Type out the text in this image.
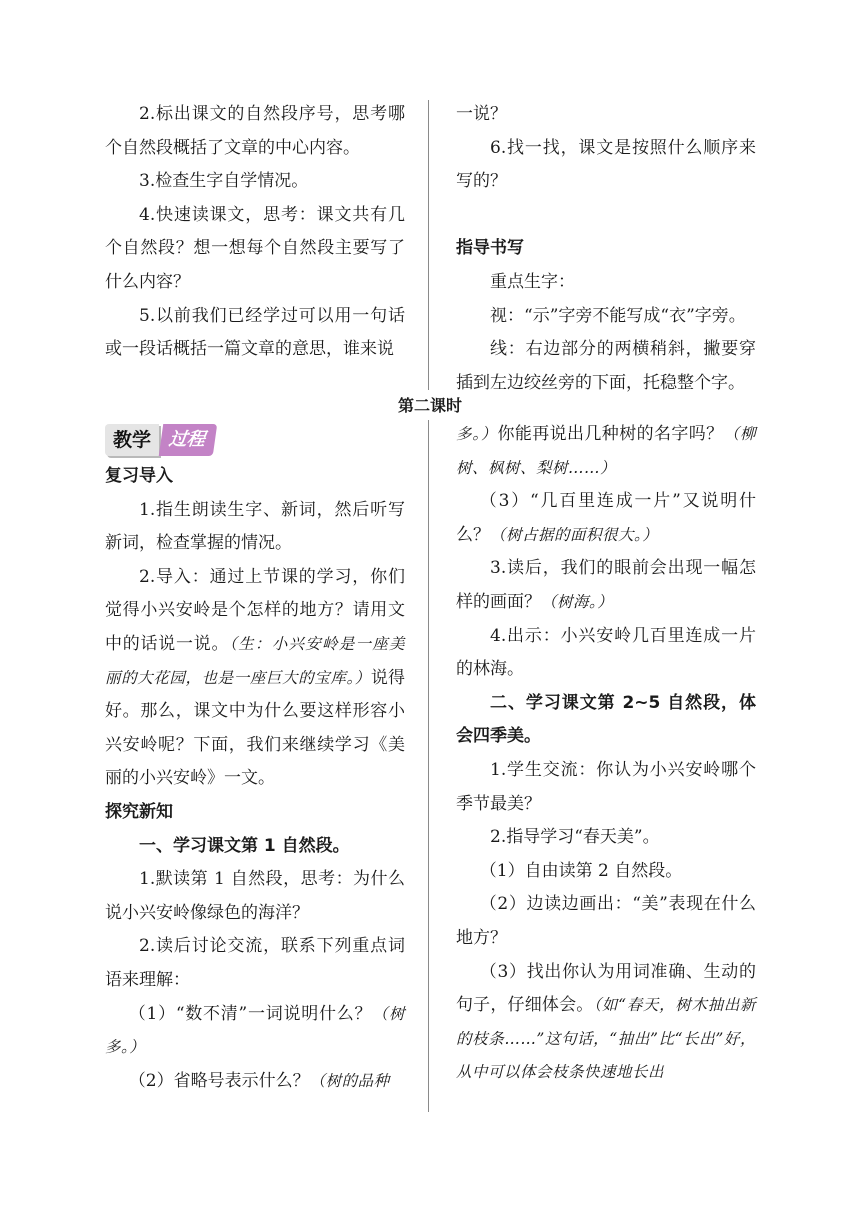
2.标出课文的自然段序号，思考哪个自然段概括了文章的中心内容。

3.检查生字自学情况。

4.快速读课文，思考：课文共有几个自然段？想一想每个自然段主要写了什么内容？

5.以前我们已经学过可以用一句话或一段话概括一篇文章的意思，谁来说

一说？

6.找一找，课文是按照什么顺序来写的？

指导书写

重点生字：

视：“示”字旁不能写成“衣”字旁。

线：右边部分的两横稍斜，撇要穿插到左边绞丝旁的下面，托稳整个字。

第二课时
教学 过程

复习导入

1.指生朗读生字、新词，然后听写新词，检查掌握的情况。

2.导入：通过上节课的学习，你们觉得小兴安岭是个怎样的地方？请用文中的话说一说。（生：小兴安岭是一座美丽的大花园，也是一座巨大的宝库。）说得好。那么，课文中为什么要这样形容小兴安岭呢？下面，我们来继续学习《美丽的小兴安岭》一文。

探究新知

一、学习课文第 1 自然段。

1.默读第 1 自然段，思考：为什么说小兴安岭像绿色的海洋？

2.读后讨论交流，联系下列重点词语来理解：

（1）“数不清”一词说明什么？（树多。）

（2）省略号表示什么？（树的品种

多。）你能再说出几种树的名字吗？（柳树、枫树、梨树……）

（3）“几百里连成一片”又说明什么？（树占据的面积很大。）

3.读后，我们的眼前会出现一幅怎样的画面？（树海。）

4.出示：小兴安岭几百里连成一片的林海。

二、学习课文第 2~5 自然段，体会四季美。

1.学生交流：你认为小兴安岭哪个季节最美？

2.指导学习“春天美”。

（1）自由读第 2 自然段。

（2）边读边画出：“美”表现在什么地方？

（3）找出你认为用词准确、生动的句子，仔细体会。（如“春天，树木抽出新的枝条……”这句话，“抽出”比“长出”好，从中可以体会枝条快速地长出
